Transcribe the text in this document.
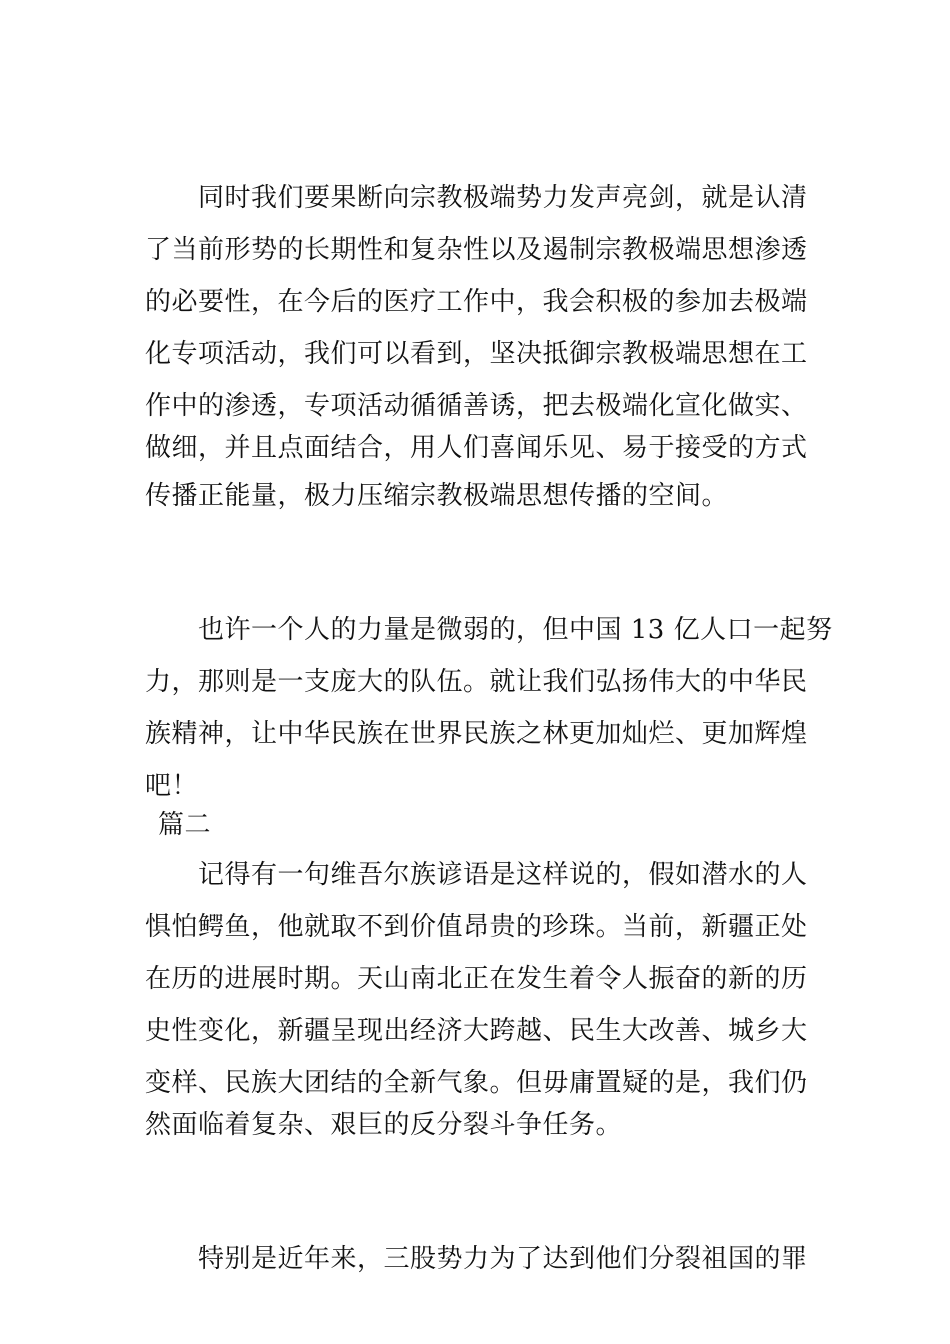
同时我们要果断向宗教极端势力发声亮剑，就是认清
了当前形势的长期性和复杂性以及遏制宗教极端思想渗透
的必要性，在今后的医疗工作中，我会积极的参加去极端
化专项活动，我们可以看到，坚决抵御宗教极端思想在工
作中的渗透，专项活动循循善诱，把去极端化宣化做实、
做细，并且点面结合，用人们喜闻乐见、易于接受的方式
传播正能量，极力压缩宗教极端思想传播的空间。
也许一个人的力量是微弱的，但中国 13 亿人口一起努
力，那则是一支庞大的队伍。就让我们弘扬伟大的中华民
族精神，让中华民族在世界民族之林更加灿烂、更加辉煌
吧！
篇二
记得有一句维吾尔族谚语是这样说的，假如潜水的人
惧怕鳄鱼，他就取不到价值昂贵的珍珠。当前，新疆正处
在历的进展时期。天山南北正在发生着令人振奋的新的历
史性变化，新疆呈现出经济大跨越、民生大改善、城乡大
变样、民族大团结的全新气象。但毋庸置疑的是，我们仍
然面临着复杂、艰巨的反分裂斗争任务。
特别是近年来，三股势力为了达到他们分裂祖国的罪
